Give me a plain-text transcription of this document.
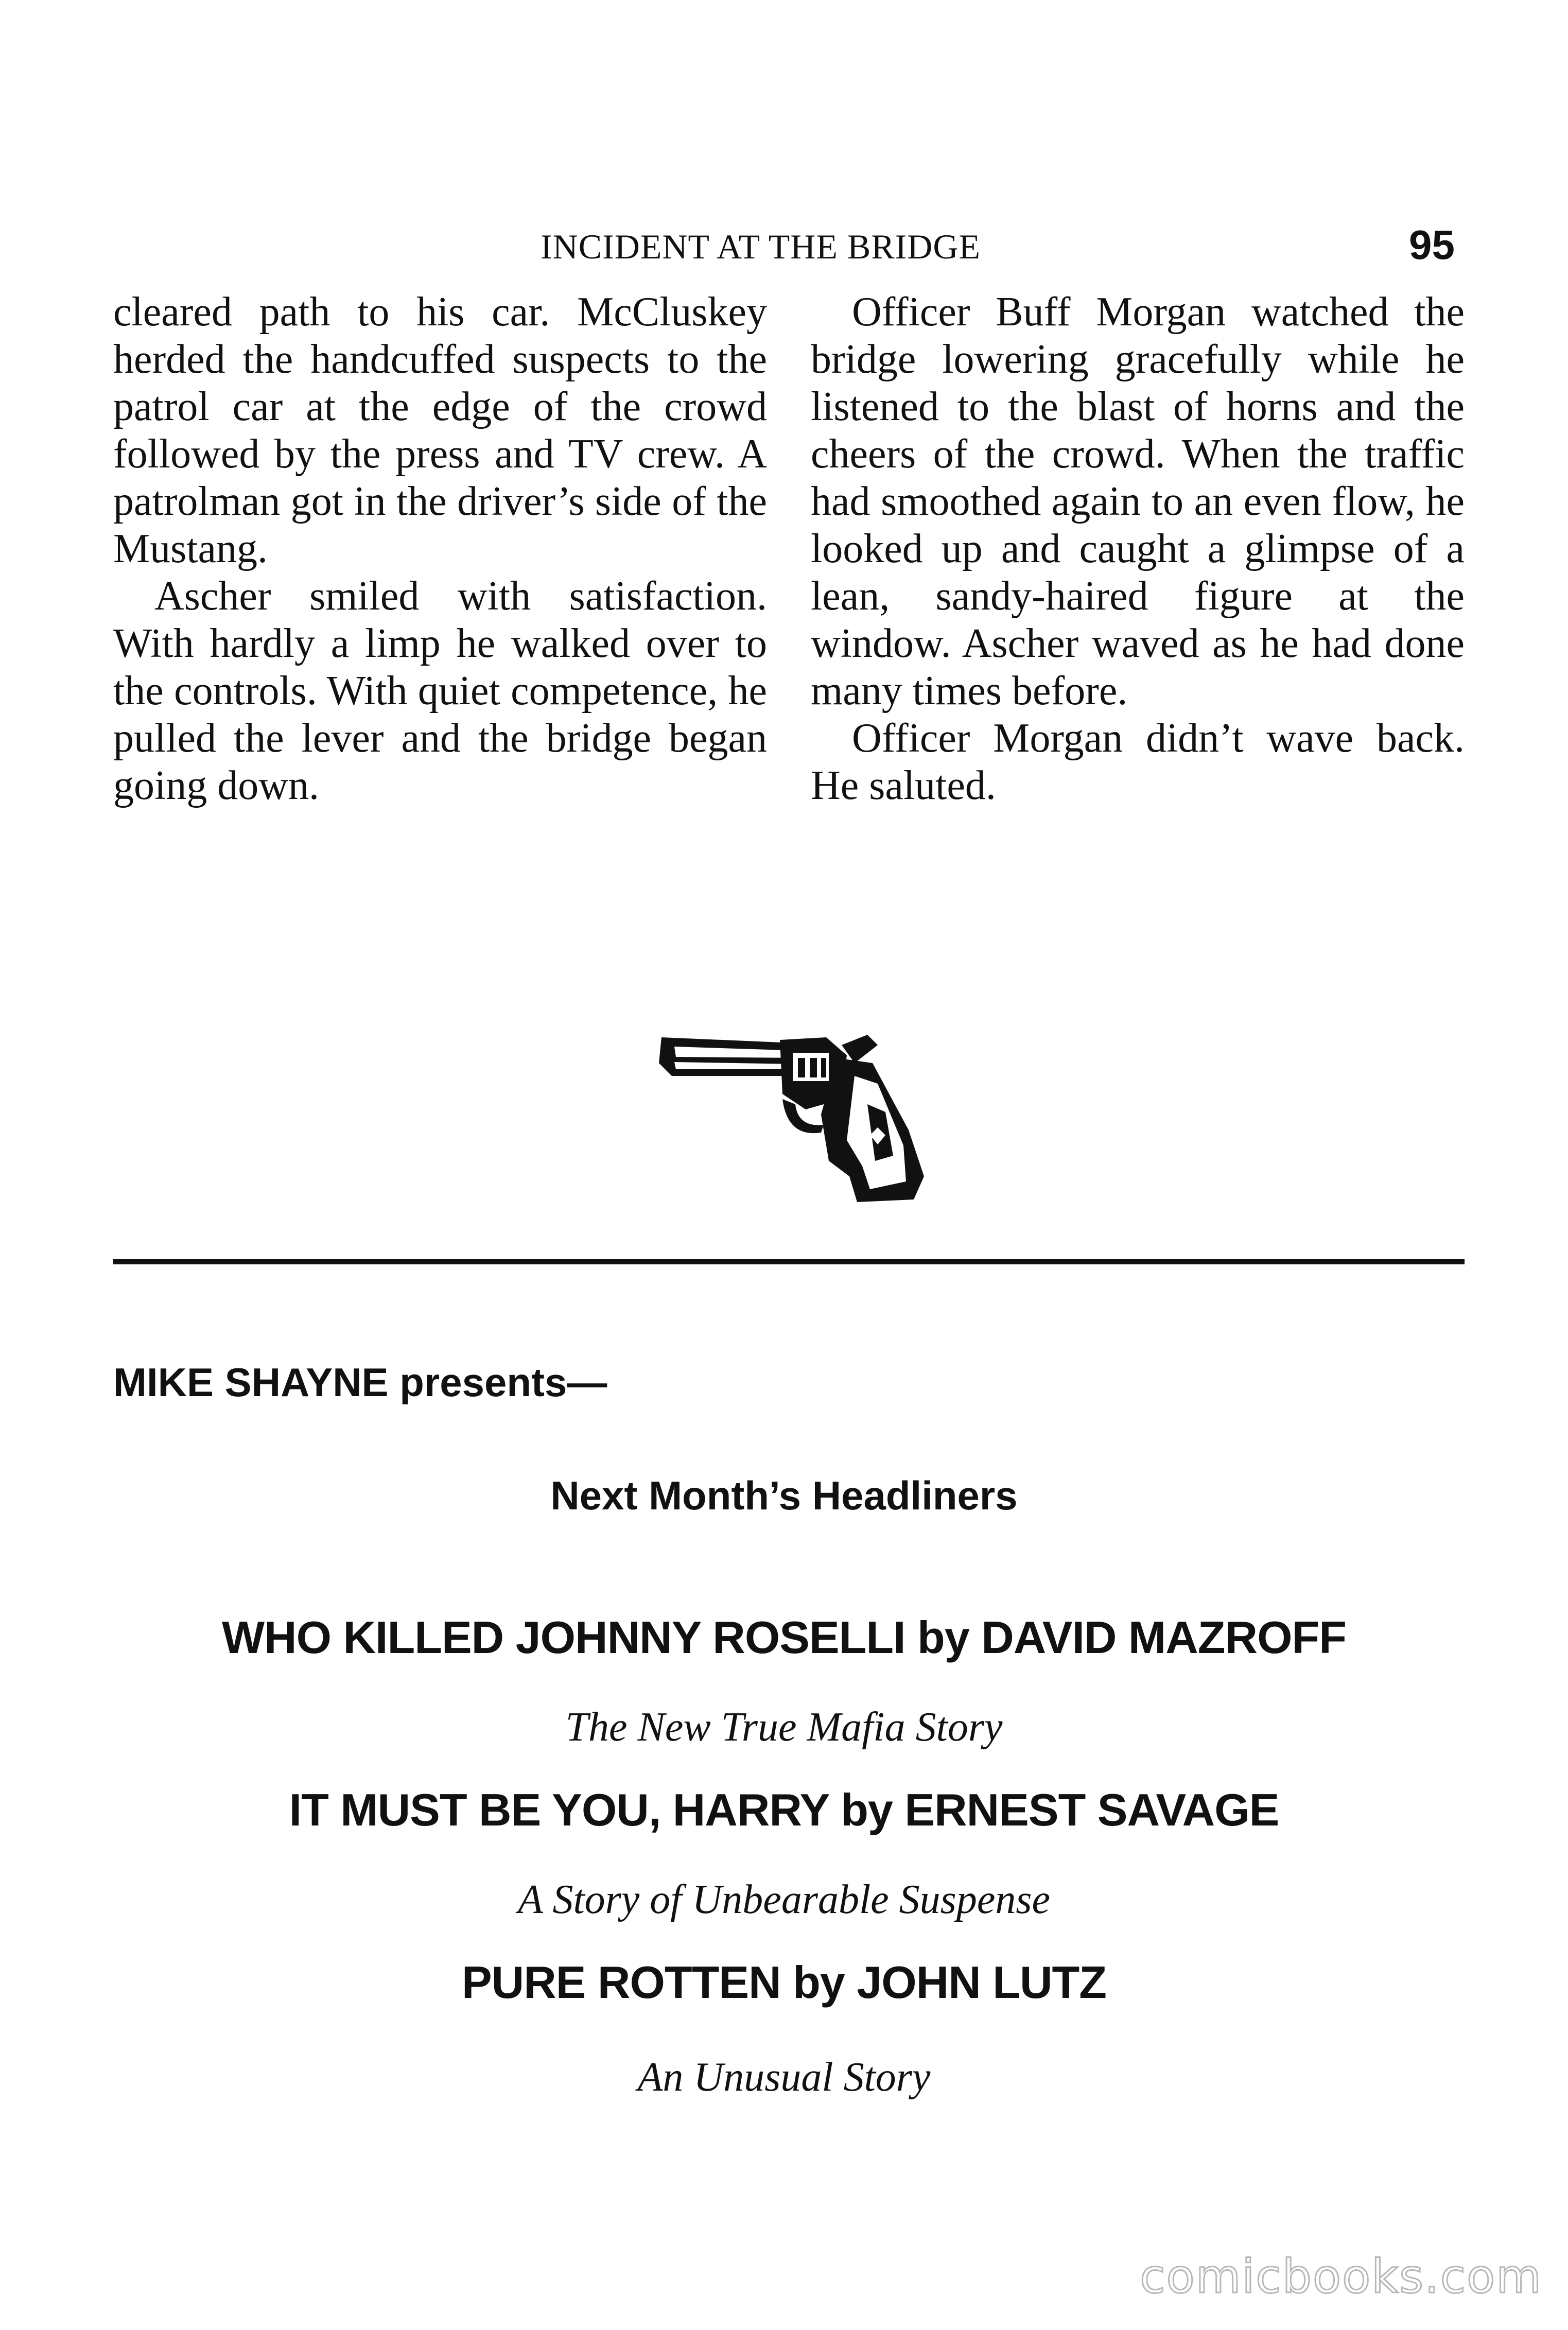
INCIDENT AT THE BRIDGE	95

cleared path to his car. McCluskey herded the handcuffed suspects to the patrol car at the edge of the crowd followed by the press and TV crew. A patrolman got in the driver’s side of the Mustang.

Ascher smiled with satisfaction. With hardly a limp he walked over to the controls. With quiet competence, he pulled the lever and the bridge began going down.

Officer Buff Morgan watched the bridge lowering gracefully while he listened to the blast of horns and the cheers of the crowd. When the traffic had smoothed again to an even flow, he looked up and caught a glimpse of a lean, sandy-haired figure at the window. Ascher waved as he had done many times before.

Officer Morgan didn’t wave back. He saluted.

MIKE SHAYNE presents—
Next Month’s Headliners
WHO KILLED JOHNNY ROSELLI by DAVID MAZROFF
The New True Mafia Story
IT MUST BE YOU, HARRY by ERNEST SAVAGE
A Story of Unbearable Suspense
PURE ROTTEN by JOHN LUTZ
An Unusual Story
comicbooks.com
